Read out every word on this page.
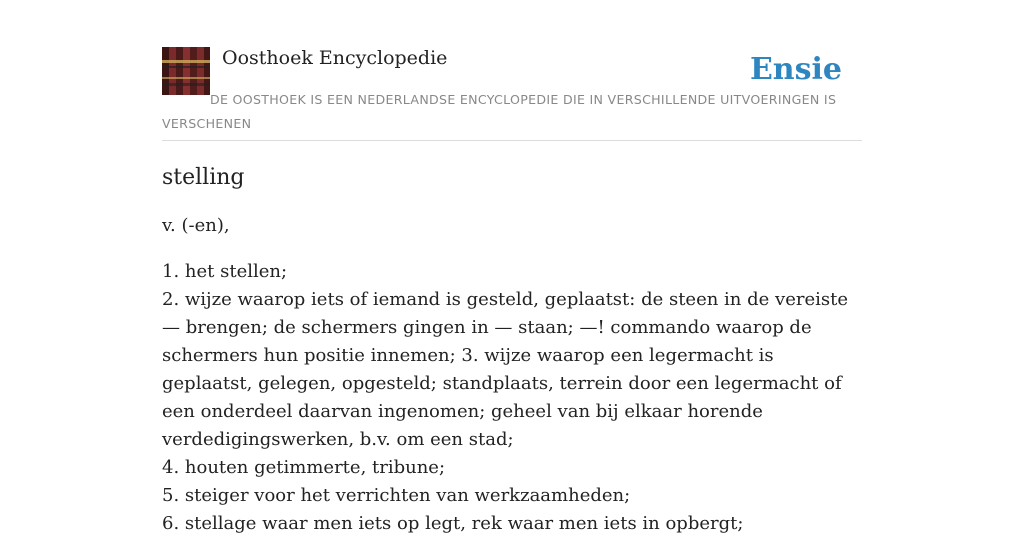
Oosthoek Encyclopedie	Ensie
DE OOSTHOEK IS EEN NEDERLANDSE ENCYCLOPEDIE DIE IN VERSCHILLENDE UITVOERINGEN IS VERSCHENEN
stelling

v. (-en),

1. het stellen;
2. wijze waarop iets of iemand is gesteld, geplaatst: de steen in de vereiste — brengen; de schermers gingen in — staan; —! commando waarop de schermers hun positie innemen; 3. wijze waarop een legermacht is geplaatst, gelegen, opgesteld; standplaats, terrein door een legermacht of een onderdeel daarvan ingenomen; geheel van bij elkaar horende verdedigingswerken, b.v. om een stad;
4. houten getimmerte, tribune;
5. steiger voor het verrichten van werkzaamheden;
6. stellage waar men iets op legt, rek waar men iets in opbergt;
